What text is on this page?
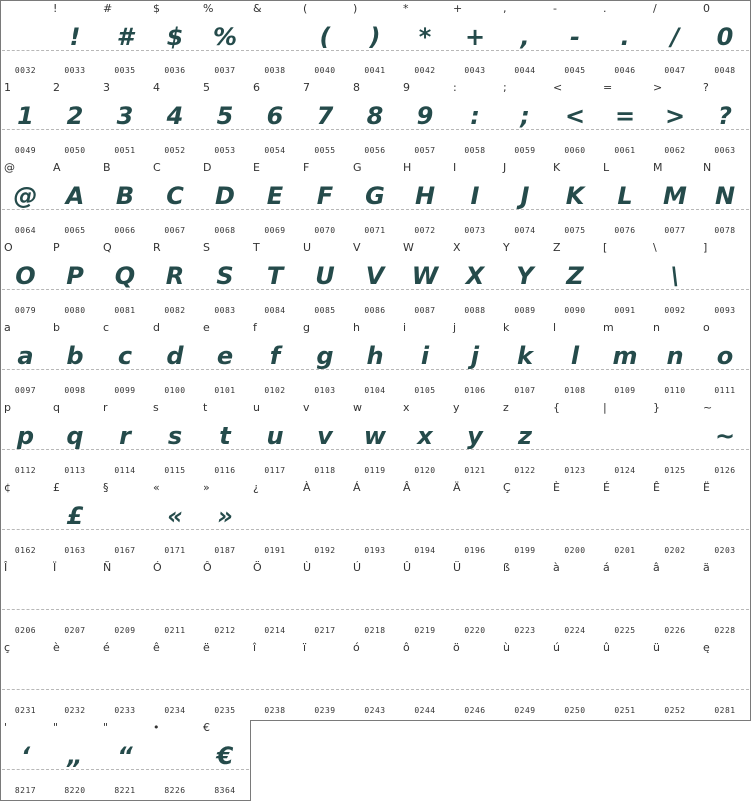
0032
!
!
0033
#
#
0035
$
$
0036
%
%
0037
&
0038
(
(
0040
)
)
0041
*
*
0042
+
+
0043
,
,
0044
-
-
0045
.
.
0046
/
/
0047
0
0
0048
1
1
0049
2
2
0050
3
3
0051
4
4
0052
5
5
0053
6
6
0054
7
7
0055
8
8
0056
9
9
0057
:
:
0058
;
;
0059
<
<
0060
=
=
0061
>
>
0062
?
?
0063
@
@
0064
A
A
0065
B
B
0066
C
C
0067
D
D
0068
E
E
0069
F
F
0070
G
G
0071
H
H
0072
I
I
0073
J
J
0074
K
K
0075
L
L
0076
M
M
0077
N
N
0078
O
O
0079
P
P
0080
Q
Q
0081
R
R
0082
S
S
0083
T
T
0084
U
U
0085
V
V
0086
W
W
0087
X
X
0088
Y
Y
0089
Z
Z
0090
[
0091
\
\
0092
]
0093
a
a
0097
b
b
0098
c
c
0099
d
d
0100
e
e
0101
f
f
0102
g
g
0103
h
h
0104
i
i
0105
j
j
0106
k
k
0107
l
l
0108
m
m
0109
n
n
0110
o
o
0111
p
p
0112
q
q
0113
r
r
0114
s
s
0115
t
t
0116
u
u
0117
v
v
0118
w
w
0119
x
x
0120
y
y
0121
z
z
0122
{
0123
|
0124
}
0125
~
~
0126
¢
0162
£
£
0163
§
0167
«
«
0171
»
»
0187
¿
0191
À
0192
Á
0193
Â
0194
Ä
0196
Ç
0199
È
0200
É
0201
Ê
0202
Ë
0203
Î
0206
Ï
0207
Ñ
0209
Ó
0211
Ô
0212
Ö
0214
Ù
0217
Ú
0218
Û
0219
Ü
0220
ß
0223
à
0224
á
0225
â
0226
ä
0228
ç
0231
è
0232
é
0233
ê
0234
ë
0235
î
0238
ï
0239
ó
0243
ô
0244
ö
0246
ù
0249
ú
0250
û
0251
ü
0252
ę
0281
'
‘
8217
"
„
8220
"
“
8221
•
8226
€
€
8364
